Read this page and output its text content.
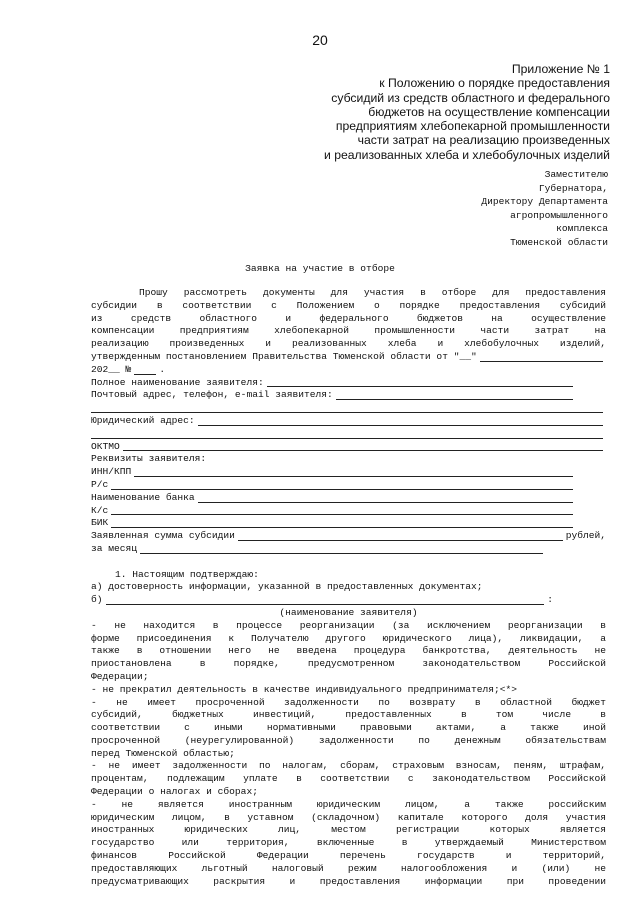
20
Приложение № 1
к Положению о порядке предоставления
субсидий из средств областного и федерального
бюджетов на осуществление компенсации
предприятиям хлебопекарной промышленности
части затрат на реализацию произведенных
и реализованных хлеба и хлебобулочных изделий
Заместителю
Губернатора,
Директору Департамента
агропромышленного
комплекса
Тюменской области
Заявка на участие в отборе
Прошу рассмотреть документы для участия в отборе для предоставления
субсидии в соответствии с Положением о порядке предоставления субсидий
из средств областного и федерального бюджетов на осуществление
компенсации предприятиям хлебопекарной промышленности части затрат на
реализацию произведенных и реализованных хлеба и хлебобулочных изделий,
утвержденным постановлением Правительства Тюменской области от "__"
202__ №	.
Полное наименование заявителя:
Почтовый адрес, телефон, e-mail заявителя:
Юридический адрес:
ОКТМО
Реквизиты заявителя:
ИНН/КПП
Р/с
Наименование банка
К/с
БИК
Заявленная сумма субсидии	рублей,
за месяц
1. Настоящим подтверждаю:
а) достоверность информации, указанной в предоставленных документах;
б)	:
(наименование заявителя)
- не находится в процессе реорганизации (за исключением реорганизации в
форме присоединения к Получателю другого юридического лица), ликвидации, а
также в отношении него не введена процедура банкротства, деятельность не
приостановлена в порядке, предусмотренном законодательством Российской
Федерации;
- не прекратил деятельность в качестве индивидуального предпринимателя;<*>
- не имеет просроченной задолженности по возврату в областной бюджет
субсидий, бюджетных инвестиций, предоставленных в том числе в
соответствии с иными нормативными правовыми актами, а также иной
просроченной (неурегулированной) задолженности по денежным обязательствам
перед Тюменской областью;
- не имеет задолженности по налогам, сборам, страховым взносам, пеням, штрафам,
процентам, подлежащим уплате в соответствии с законодательством Российской
Федерации о налогах и сборах;
- не является иностранным юридическим лицом, а также российским
юридическим лицом, в уставном (складочном) капитале которого доля участия
иностранных юридических лиц, местом регистрации которых является
государство или территория, включенные в утверждаемый Министерством
финансов Российской Федерации перечень государств и территорий,
предоставляющих льготный налоговый режим налогообложения и (или) не
предусматривающих раскрытия и предоставления информации при проведении
